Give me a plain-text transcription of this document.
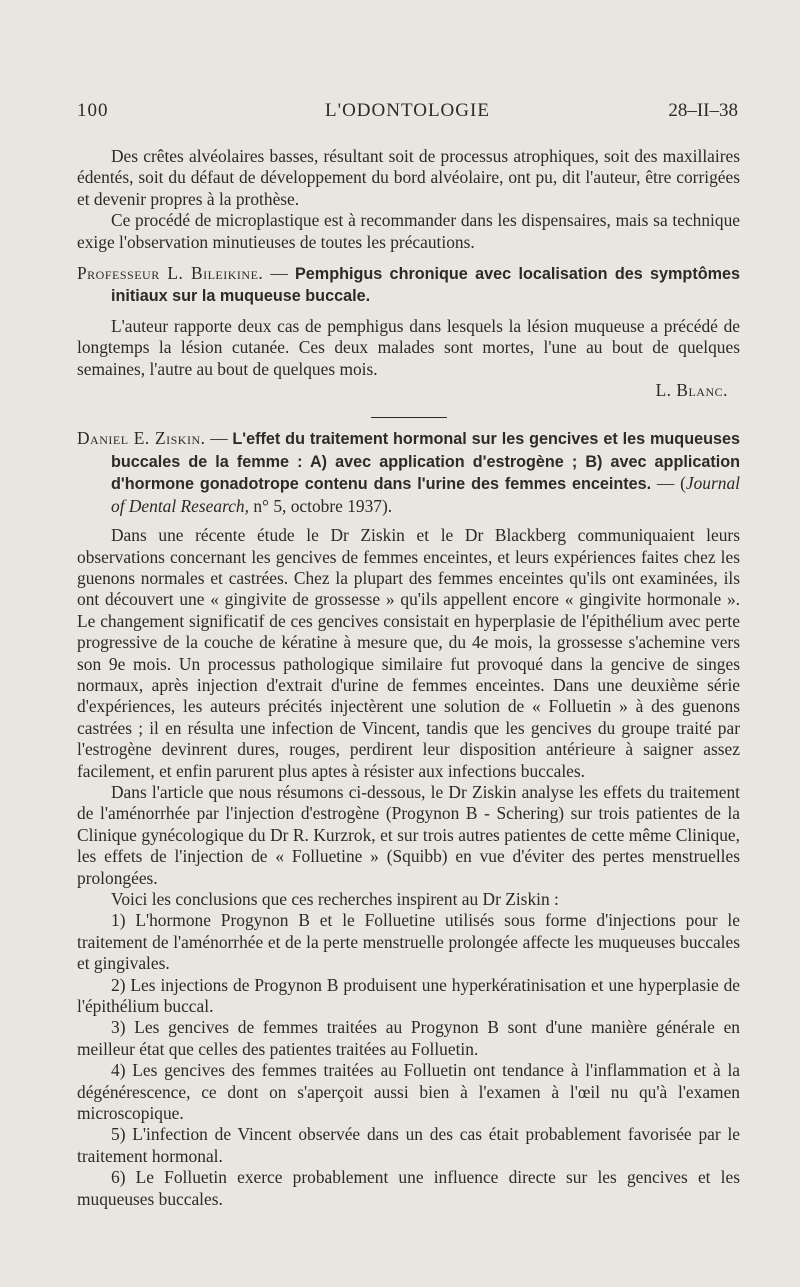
100	L'ODONTOLOGIE	28–II–38

Des crêtes alvéolaires basses, résultant soit de processus atrophiques, soit des maxillaires édentés, soit du défaut de développement du bord alvéolaire, ont pu, dit l'auteur, être corrigées et devenir propres à la prothèse.

Ce procédé de microplastique est à recommander dans les dispensaires, mais sa technique exige l'observation minutieuses de toutes les précautions.

Professeur L. Bileikine. — Pemphigus chronique avec localisation des symptômes initiaux sur la muqueuse buccale.

L'auteur rapporte deux cas de pemphigus dans lesquels la lésion muqueuse a précédé de longtemps la lésion cutanée. Ces deux malades sont mortes, l'une au bout de quelques semaines, l'autre au bout de quelques mois.

L. Blanc.
Daniel E. Ziskin. — L'effet du traitement hormonal sur les gencives et les muqueuses buccales de la femme : A) avec application d'estrogène ; B) avec application d'hormone gonadotrope contenu dans l'urine des femmes enceintes. — (Journal of Dental Research, n° 5, octobre 1937).

Dans une récente étude le Dr Ziskin et le Dr Blackberg communiquaient leurs observations concernant les gencives de femmes enceintes, et leurs expériences faites chez les guenons normales et castrées. Chez la plupart des femmes enceintes qu'ils ont examinées, ils ont découvert une « gingivite de grossesse » qu'ils appellent encore « gingivite hormonale ». Le changement significatif de ces gencives consistait en hyperplasie de l'épithélium avec perte progressive de la couche de kératine à mesure que, du 4e mois, la grossesse s'achemine vers son 9e mois. Un processus pathologique similaire fut provoqué dans la gencive de singes normaux, après injection d'extrait d'urine de femmes enceintes. Dans une deuxième série d'expériences, les auteurs précités injectèrent une solution de « Folluetin » à des guenons castrées ; il en résulta une infection de Vincent, tandis que les gencives du groupe traité par l'estrogène devinrent dures, rouges, perdirent leur disposition antérieure à saigner assez facilement, et enfin parurent plus aptes à résister aux infections buccales.

Dans l'article que nous résumons ci-dessous, le Dr Ziskin analyse les effets du traitement de l'aménorrhée par l'injection d'estrogène (Progynon B - Schering) sur trois patientes de la Clinique gynécologique du Dr R. Kurzrok, et sur trois autres patientes de cette même Clinique, les effets de l'injection de « Folluetine » (Squibb) en vue d'éviter des pertes menstruelles prolongées.

Voici les conclusions que ces recherches inspirent au Dr Ziskin :

1) L'hormone Progynon B et le Folluetine utilisés sous forme d'injections pour le traitement de l'aménorrhée et de la perte menstruelle prolongée affecte les muqueuses buccales et gingivales.

2) Les injections de Progynon B produisent une hyperkératinisation et une hyperplasie de l'épithélium buccal.

3) Les gencives de femmes traitées au Progynon B sont d'une manière générale en meilleur état que celles des patientes traitées au Folluetin.

4) Les gencives des femmes traitées au Folluetin ont tendance à l'inflammation et à la dégénérescence, ce dont on s'aperçoit aussi bien à l'examen à l'œil nu qu'à l'examen microscopique.

5) L'infection de Vincent observée dans un des cas était probablement favorisée par le traitement hormonal.

6) Le Folluetin exerce probablement une influence directe sur les gencives et les muqueuses buccales.
